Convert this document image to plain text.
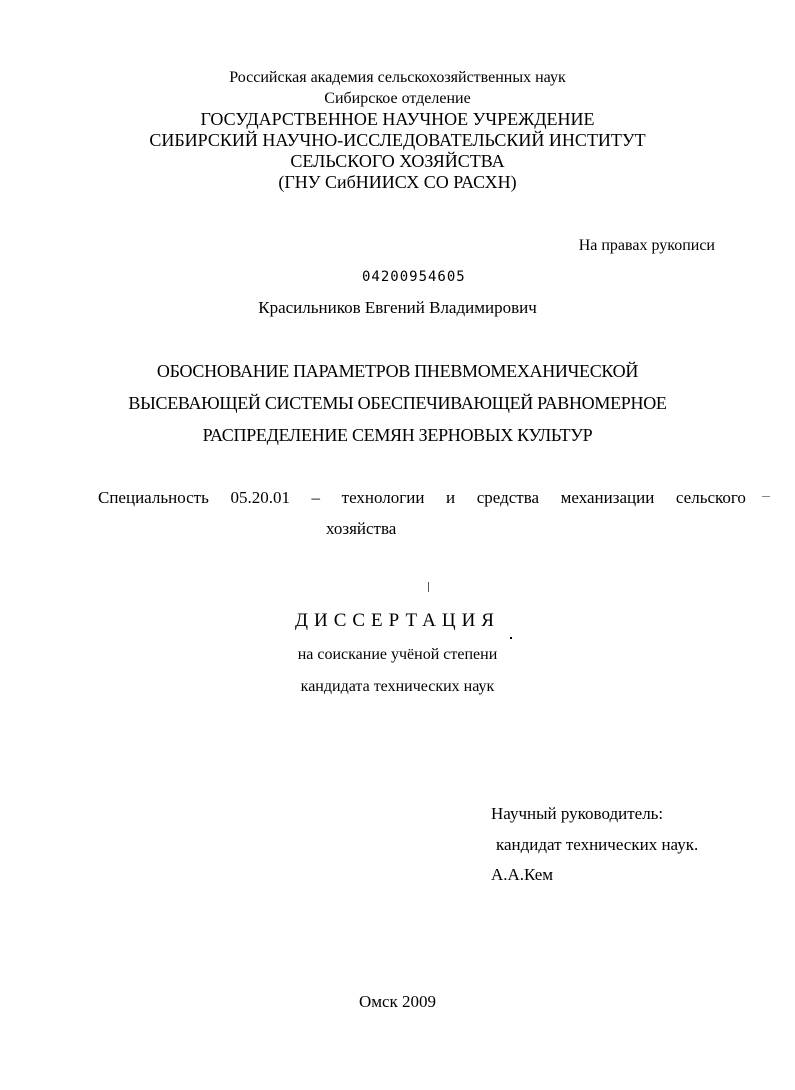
Российская академия сельскохозяйственных наук
Сибирское отделение
ГОСУДАРСТВЕННОЕ НАУЧНОЕ УЧРЕЖДЕНИЕ
СИБИРСКИЙ НАУЧНО-ИССЛЕДОВАТЕЛЬСКИЙ ИНСТИТУТ
СЕЛЬСКОГО ХОЗЯЙСТВА
(ГНУ СибНИИСХ СО РАСХН)
На правах рукописи
04200954605
Красильников Евгений Владимирович
ОБОСНОВАНИЕ ПАРАМЕТРОВ ПНЕВМОМЕХАНИЧЕСКОЙ
ВЫСЕВАЮЩЕЙ СИСТЕМЫ ОБЕСПЕЧИВАЮЩЕЙ РАВНОМЕРНОЕ
РАСПРЕДЕЛЕНИЕ СЕМЯН ЗЕРНОВЫХ КУЛЬТУР
Специальность 05.20.01 – технологии и средства механизации сельского
хозяйства
ДИССЕРТАЦИЯ
на соискание учёной степени
кандидата технических наук
Научный руководитель:
кандидат технических наук.
А.А.Кем
Омск 2009
